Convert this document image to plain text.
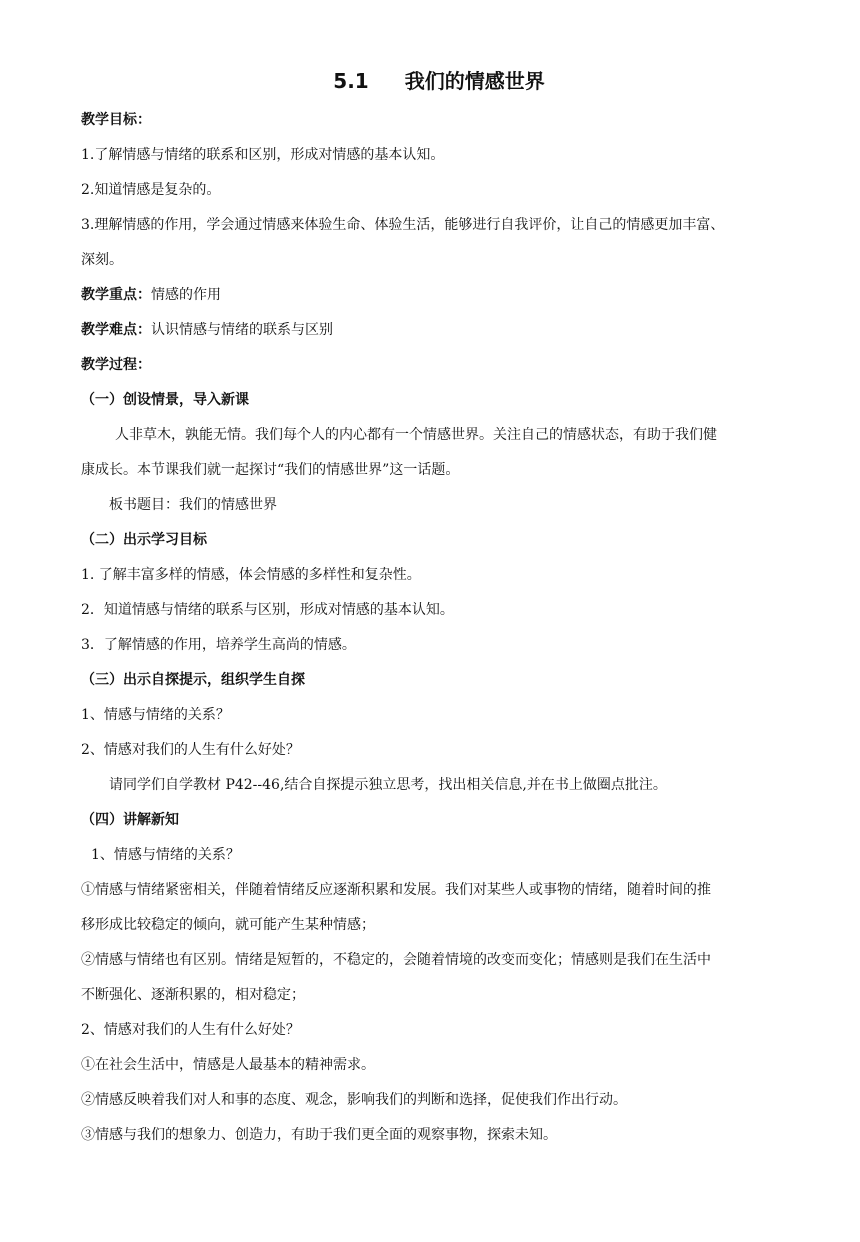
5.1 我们的情感世界
教学目标：
1.了解情感与情绪的联系和区别，形成对情感的基本认知。
2.知道情感是复杂的。
3.理解情感的作用，学会通过情感来体验生命、体验生活，能够进行自我评价，让自己的情感更加丰富、
深刻。
教学重点：情感的作用
教学难点：认识情感与情绪的联系与区别
教学过程：
（一）创设情景，导入新课
人非草木，孰能无情。我们每个人的内心都有一个情感世界。关注自己的情感状态，有助于我们健
康成长。本节课我们就一起探讨“我们的情感世界”这一话题。
板书题目：我们的情感世界
（二）出示学习目标
1. 了解丰富多样的情感，体会情感的多样性和复杂性。
2．知道情感与情绪的联系与区别，形成对情感的基本认知。
3．了解情感的作用，培养学生高尚的情感。
（三）出示自探提示，组织学生自探
1、情感与情绪的关系？
2、情感对我们的人生有什么好处？
请同学们自学教材 P42--46,结合自探提示独立思考，找出相关信息,并在书上做圈点批注。
（四）讲解新知
1、情感与情绪的关系？
①情感与情绪紧密相关，伴随着情绪反应逐渐积累和发展。我们对某些人或事物的情绪，随着时间的推
移形成比较稳定的倾向，就可能产生某种情感；
②情感与情绪也有区别。情绪是短暂的，不稳定的，会随着情境的改变而变化；情感则是我们在生活中
不断强化、逐渐积累的，相对稳定；
2、情感对我们的人生有什么好处？
①在社会生活中，情感是人最基本的精神需求。
②情感反映着我们对人和事的态度、观念，影响我们的判断和选择，促使我们作出行动。
③情感与我们的想象力、创造力，有助于我们更全面的观察事物，探索未知。
